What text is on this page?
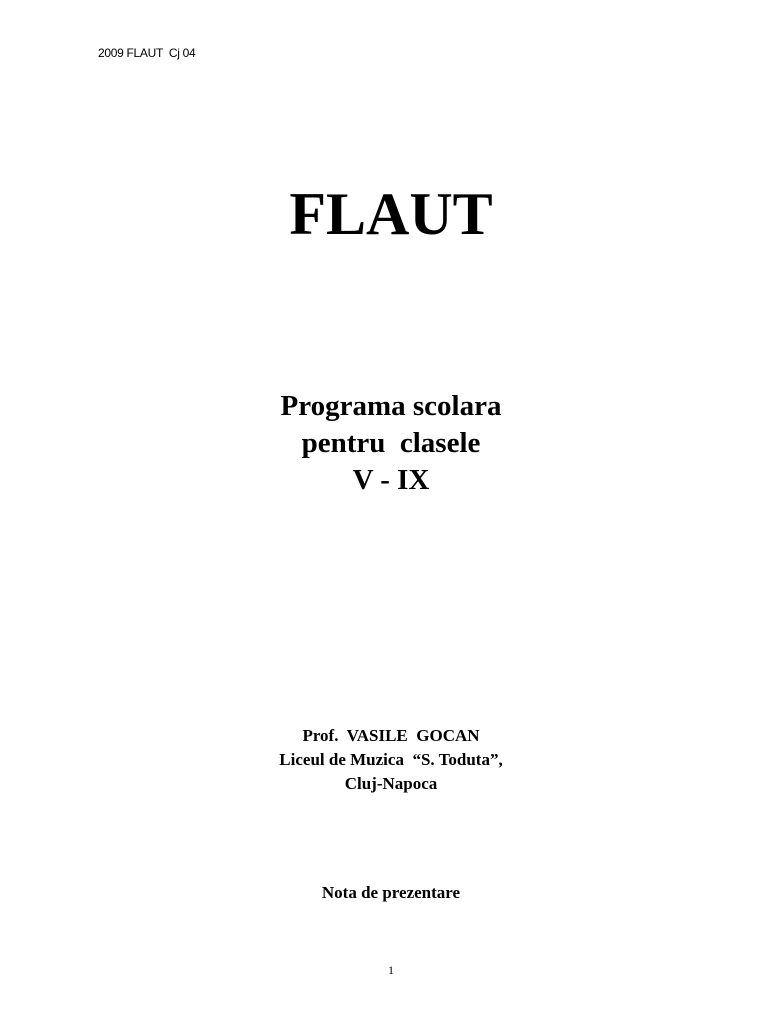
2009 FLAUT  Cj 04
FLAUT
Programa scolara
pentru  clasele
V - IX
Prof.  VASILE  GOCAN
Liceul de Muzica  “S. Toduta”,
Cluj-Napoca
Nota de prezentare
1
